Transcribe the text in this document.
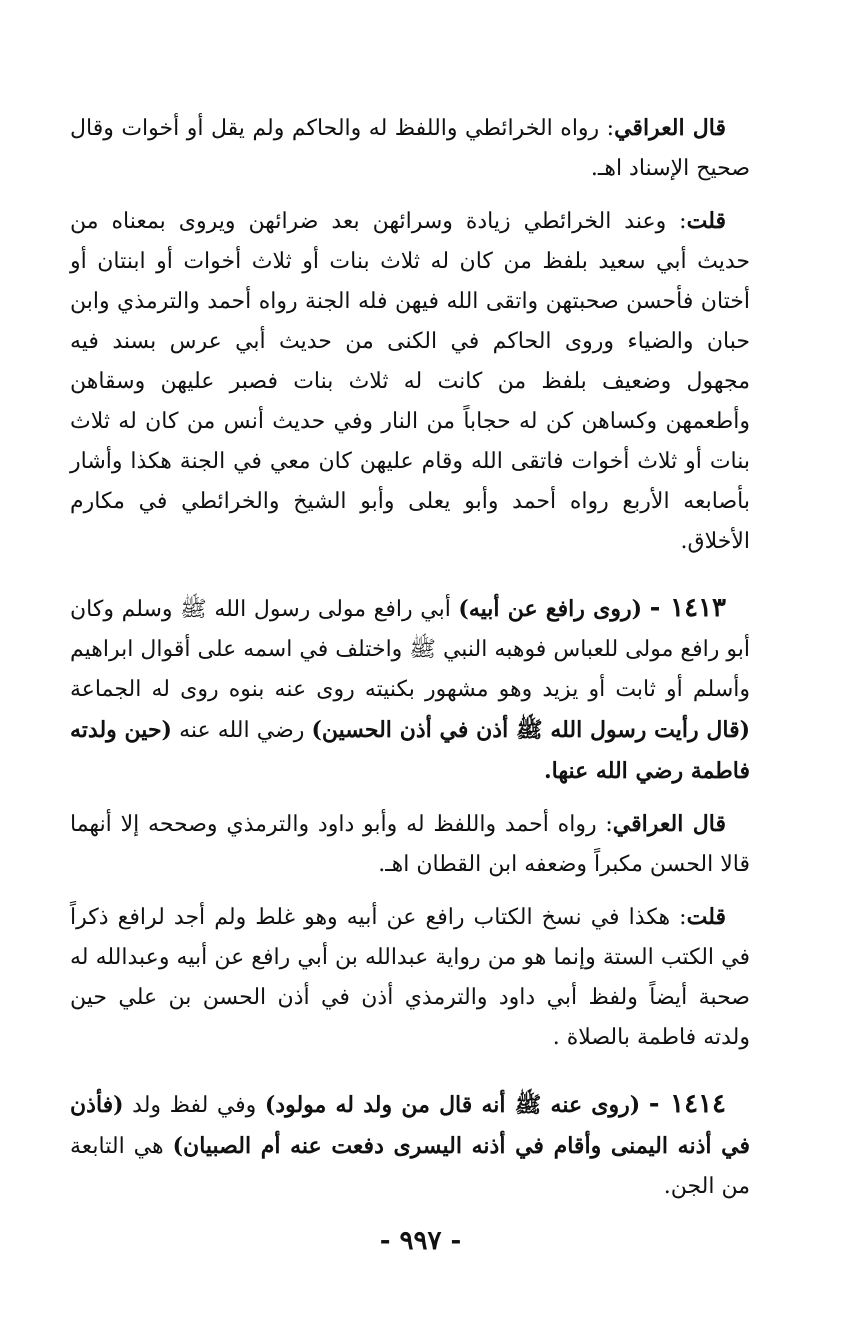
قال العراقي: رواه الخرائطي واللفظ له والحاكم ولم يقل أو أخوات وقال صحيح الإسناد اهـ.

قلت: وعند الخرائطي زيادة وسرائهن بعد ضرائهن ويروى بمعناه من حديث أبي سعيد بلفظ من كان له ثلاث بنات أو ثلاث أخوات أو ابنتان أو أختان فأحسن صحبتهن واتقى الله فيهن فله الجنة رواه أحمد والترمذي وابن حبان والضياء وروى الحاكم في الكنى من حديث أبي عرس بسند فيه مجهول وضعيف بلفظ من كانت له ثلاث بنات فصبر عليهن وسقاهن وأطعمهن وكساهن كن له حجاباً من النار وفي حديث أنس من كان له ثلاث بنات أو ثلاث أخوات فاتقى الله وقام عليهن كان معي في الجنة هكذا وأشار بأصابعه الأربع رواه أحمد وأبو يعلى وأبو الشيخ والخرائطي في مكارم الأخلاق.

١٤١٣ - (روى رافع عن أبيه) أبي رافع مولى رسول الله ﷺ وسلم وكان أبو رافع مولى للعباس فوهبه النبي ﷺ واختلف في اسمه على أقوال ابراهيم وأسلم أو ثابت أو يزيد وهو مشهور بكنيته روى عنه بنوه روى له الجماعة (قال رأيت رسول الله ﷺ أذن في أذن الحسين) رضي الله عنه (حين ولدته فاطمة رضي الله عنها.

قال العراقي: رواه أحمد واللفظ له وأبو داود والترمذي وصححه إلا أنهما قالا الحسن مكبراً وضعفه ابن القطان اهـ.

قلت: هكذا في نسخ الكتاب رافع عن أبيه وهو غلط ولم أجد لرافع ذكراً في الكتب الستة وإنما هو من رواية عبدالله بن أبي رافع عن أبيه وعبدالله له صحبة أيضاً ولفظ أبي داود والترمذي أذن في أذن الحسن بن علي حين ولدته فاطمة بالصلاة .

١٤١٤ - (روى عنه ﷺ أنه قال من ولد له مولود) وفي لفظ ولد (فأذن في أذنه اليمنى وأقام في أذنه اليسرى دفعت عنه أم الصبيان) هي التابعة من الجن.

- ٩٩٧ -
